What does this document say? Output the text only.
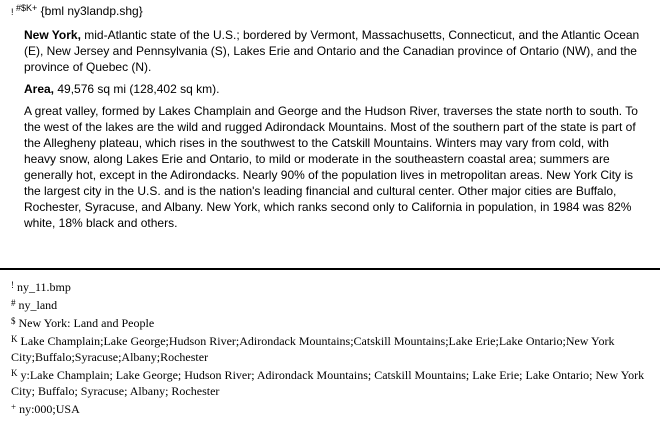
! $^{\#\$K+}$ {bml ny3landp.shg}
New York, mid-Atlantic state of the U.S.; bordered by Vermont, Massachusetts, Connecticut, and the Atlantic Ocean (E), New Jersey and Pennsylvania (S), Lakes Erie and Ontario and the Canadian province of Ontario (NW), and the province of Quebec (N).
Area, 49,576 sq mi (128,402 sq km).
A great valley, formed by Lakes Champlain and George and the Hudson River, traverses the state north to south. To the west of the lakes are the wild and rugged Adirondack Mountains. Most of the southern part of the state is part of the Allegheny plateau, which rises in the southwest to the Catskill Mountains. Winters may vary from cold, with heavy snow, along Lakes Erie and Ontario, to mild or moderate in the southeastern coastal area; summers are generally hot, except in the Adirondacks. Nearly 90% of the population lives in metropolitan areas. New York City is the largest city in the U.S. and is the nation's leading financial and cultural center. Other major cities are Buffalo, Rochester, Syracuse, and Albany. New York, which ranks second only to California in population, in 1984 was 82% white, 18% black and others.
! ny_11.bmp
# ny_land
$ New York: Land and People
$^K$ Lake Champlain;Lake George;Hudson River;Adirondack Mountains;Catskill Mountains;Lake Erie;Lake Ontario;New York City;Buffalo;Syracuse;Albany;Rochester
$^K$ y:Lake Champlain; Lake George; Hudson River; Adirondack Mountains; Catskill Mountains; Lake Erie; Lake Ontario; New York City; Buffalo; Syracuse; Albany; Rochester
+ ny:000;USA
